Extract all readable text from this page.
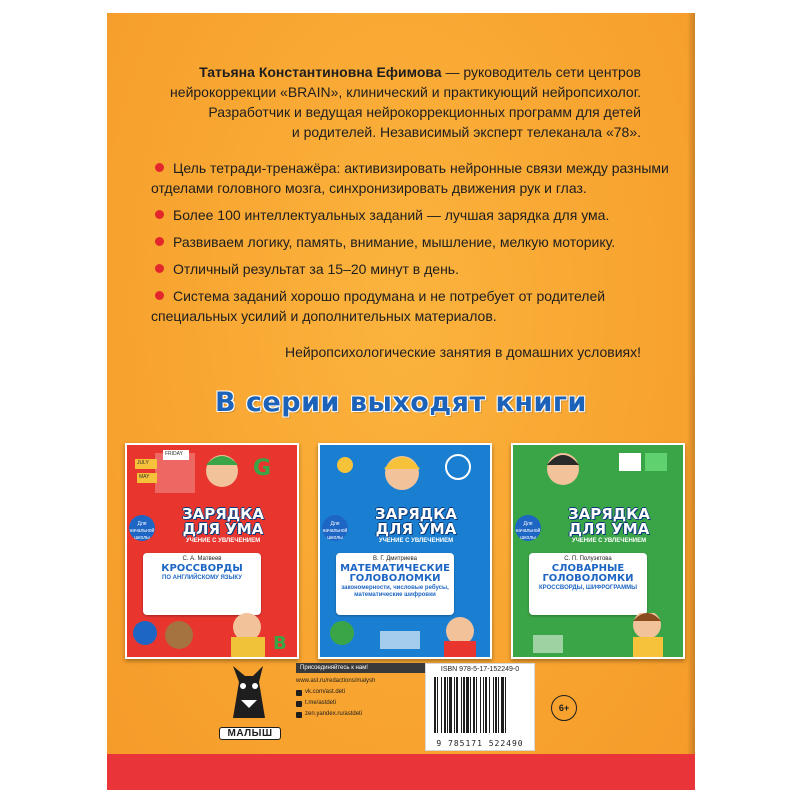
Татьяна Константиновна Ефимова — руководитель сети центров
нейрокоррекции «BRAIN», клинический и практикующий нейропсихолог.
Разработчик и ведущая нейрокоррекционных программ для детей
и родителей. Независимый эксперт телеканала «78».
Цель тетради-тренажёра: активизировать нейронные связи между разными отделами головного мозга, синхронизировать движения рук и глаз.
Более 100 интеллектуальных заданий — лучшая зарядка для ума.
Развиваем логику, память, внимание, мышление, мелкую моторику.
Отличный результат за 15–20 минут в день.
Система заданий хорошо продумана и не потребует от родителей специальных усилий и дополнительных материалов.
Нейропсихологические занятия в домашних условиях!
В серии выходят книги
G
JULY
FRIDAY
MAY
Для начальной школы
ЗАРЯДКА
ДЛЯ УМА
УЧЕНИЕ С УВЛЕЧЕНИЕМ
С. А. Матвеев
КРОССВОРДЫ
ПО АНГЛИЙСКОМУ ЯЗЫКУ
B
Для начальной школы
ЗАРЯДКА
ДЛЯ УМА
УЧЕНИЕ С УВЛЕЧЕНИЕМ
В. Г. Дмитриева
МАТЕМАТИЧЕСКИЕ ГОЛОВОЛОМКИ
закономерности, числовые ребусы, математические шифровки
Для начальной школы
ЗАРЯДКА
ДЛЯ УМА
УЧЕНИЕ С УВЛЕЧЕНИЕМ
С. П. Полуэктова
СЛОВАРНЫЕ ГОЛОВОЛОМКИ
КРОССВОРДЫ, ШИФРОГРАММЫ
МАЛЫШ
Присоединяйтесь к нам!
www.ast.ru/redactions/malysh
vk.com/ast.deti
t.me/astdeti
zen.yandex.ru/astdeti
ISBN 978-5-17-152249-0
9 785171 522490
6+
